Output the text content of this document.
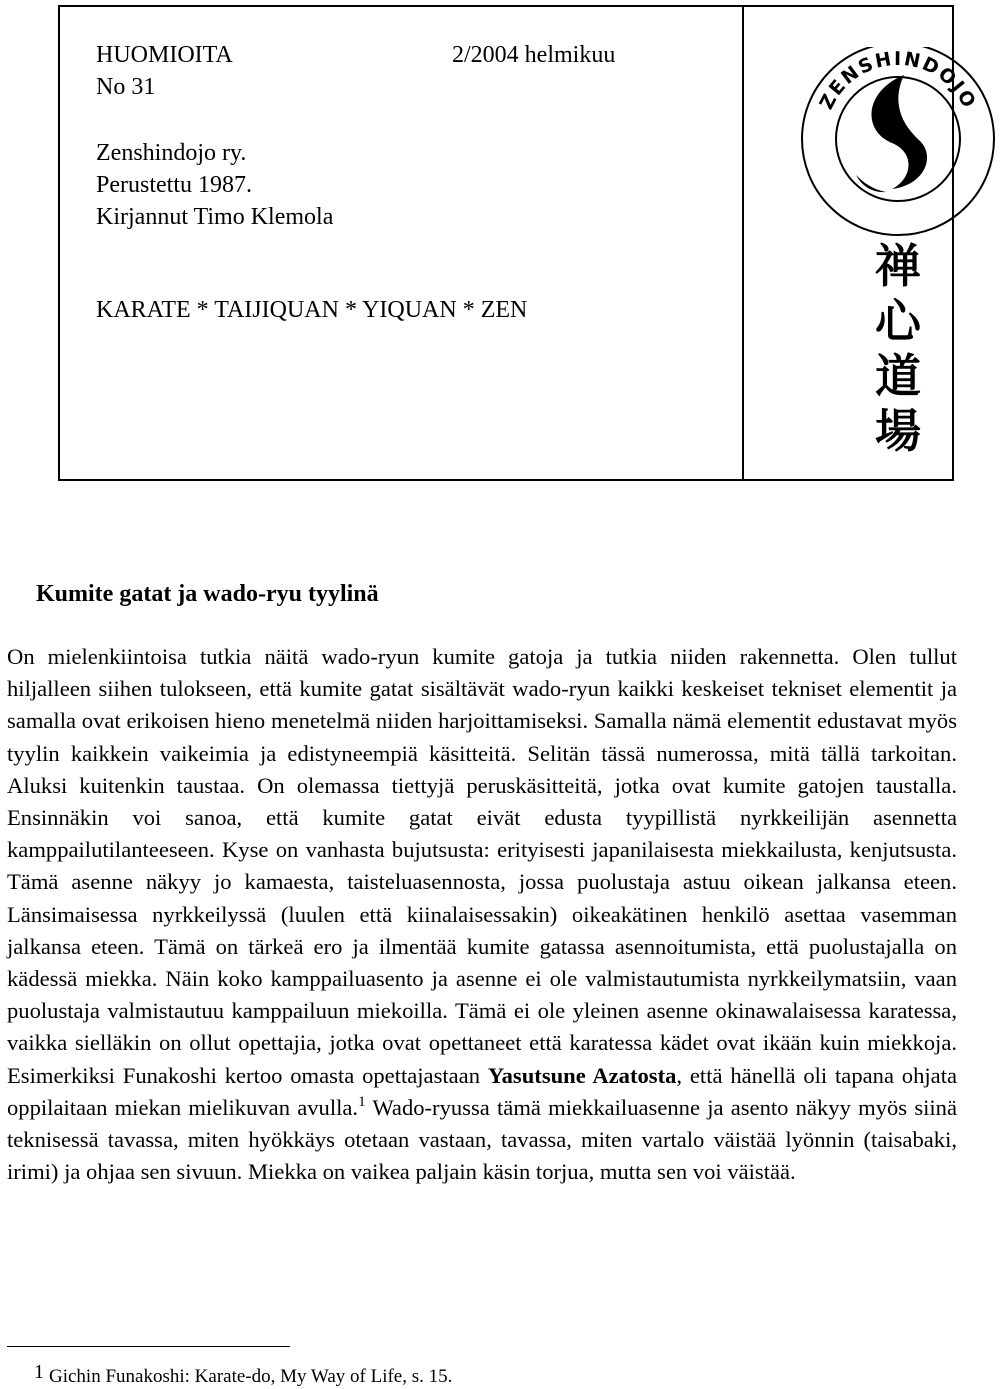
HUOMIOITA	2/2004 helmikuu
No 31
Zenshindojo ry.
Perustettu 1987.
Kirjannut Timo Klemola
KARATE * TAIJIQUAN * YIQUAN * ZEN
ZENSHINDOJO
禅
心
道
場
Kumite gatat ja wado-ryu tyylinä

On mielenkiintoisa tutkia näitä wado-ryun kumite gatoja ja tutkia niiden rakennetta. Olen tullut hiljalleen siihen tulokseen, että kumite gatat sisältävät wado-ryun kaikki keskeiset tekniset elementit ja samalla ovat erikoisen hieno menetelmä niiden harjoittamiseksi. Samalla nämä elementit edustavat myös tyylin kaikkein vaikeimia ja edistyneempiä käsitteitä. Selitän tässä numerossa, mitä tällä tarkoitan. Aluksi kuitenkin taustaa. On olemassa tiettyjä peruskäsitteitä, jotka ovat kumite gatojen taustalla. Ensinnäkin voi sanoa, että kumite gatat eivät edusta tyypillistä nyrkkeilijän asennetta kamppailutilanteeseen. Kyse on vanhasta bujutsusta: erityisesti japanilaisesta miekkailusta, kenjutsusta. Tämä asenne näkyy jo kamaesta, taisteluasennosta, jossa puolustaja astuu oikean jalkansa eteen. Länsimaisessa nyrkkeilyssä (luulen että kiinalaisessakin) oikeakätinen henkilö asettaa vasemman jalkansa eteen. Tämä on tärkeä ero ja ilmentää kumite gatassa asennoitumista, että puolustajalla on kädessä miekka. Näin koko kamppailuasento ja asenne ei ole valmistautumista nyrkkeilymatsiin, vaan puolustaja valmistautuu kamppailuun miekoilla. Tämä ei ole yleinen asenne okinawalaisessa karatessa, vaikka sielläkin on ollut opettajia, jotka ovat opettaneet että karatessa kädet ovat ikään kuin miekkoja. Esimerkiksi Funakoshi kertoo omasta opettajastaan Yasutsune Azatosta, että hänellä oli tapana ohjata oppilaitaan miekan mielikuvan avulla.$^1$ Wado-ryussa tämä miekkailuasenne ja asento näkyy myös siinä teknisessä tavassa, miten hyökkäys otetaan vastaan, tavassa, miten vartalo väistää lyönnin (taisabaki, irimi) ja ohjaa sen sivuun. Miekka on vaikea paljain käsin torjua, mutta sen voi väistää.

1 Gichin Funakoshi: Karate-do, My Way of Life, s. 15.
